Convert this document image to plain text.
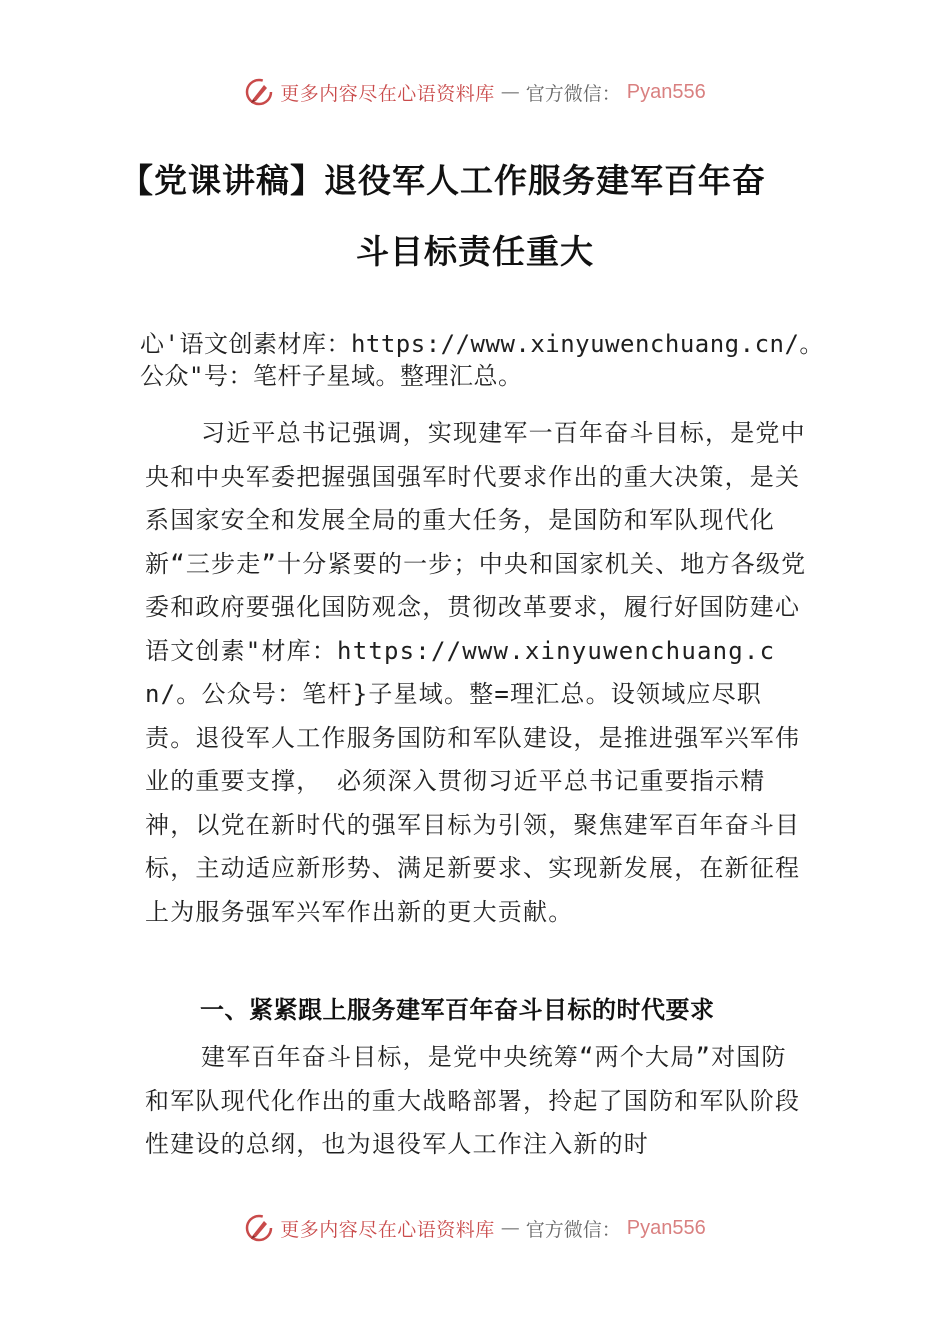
更多内容尽在心语资料库 — 官方微信： Pyan556
【党课讲稿】退役军人工作服务建军百年奋
斗目标责任重大
心'语文创素材库：https://www.xinyuwenchuang.cn/。公众"号：笔杆子星域。整理汇总。
习近平总书记强调，实现建军一百年奋斗目标，是党中央和中央军委把握强国强军时代要求作出的重大决策，是关系国家安全和发展全局的重大任务，是国防和军队现代化新“三步走”十分紧要的一步；中央和国家机关、地方各级党委和政府要强化国防观念，贯彻改革要求，履行好国防建心语文创素"材库：https://www.xinyuwenchuang.cn/。公众号：笔杆}子星域。整=理汇总。设领域应尽职责。退役军人工作服务国防和军队建设，是推进强军兴军伟业的重要支撑， 必须深入贯彻习近平总书记重要指示精神，以党在新时代的强军目标为引领，聚焦建军百年奋斗目标，主动适应新形势、满足新要求、实现新发展，在新征程上为服务强军兴军作出新的更大贡献。
一、紧紧跟上服务建军百年奋斗目标的时代要求
建军百年奋斗目标，是党中央统筹“两个大局”对国防和军队现代化作出的重大战略部署，拎起了国防和军队阶段性建设的总纲，也为退役军人工作注入新的时
更多内容尽在心语资料库 — 官方微信： Pyan556
